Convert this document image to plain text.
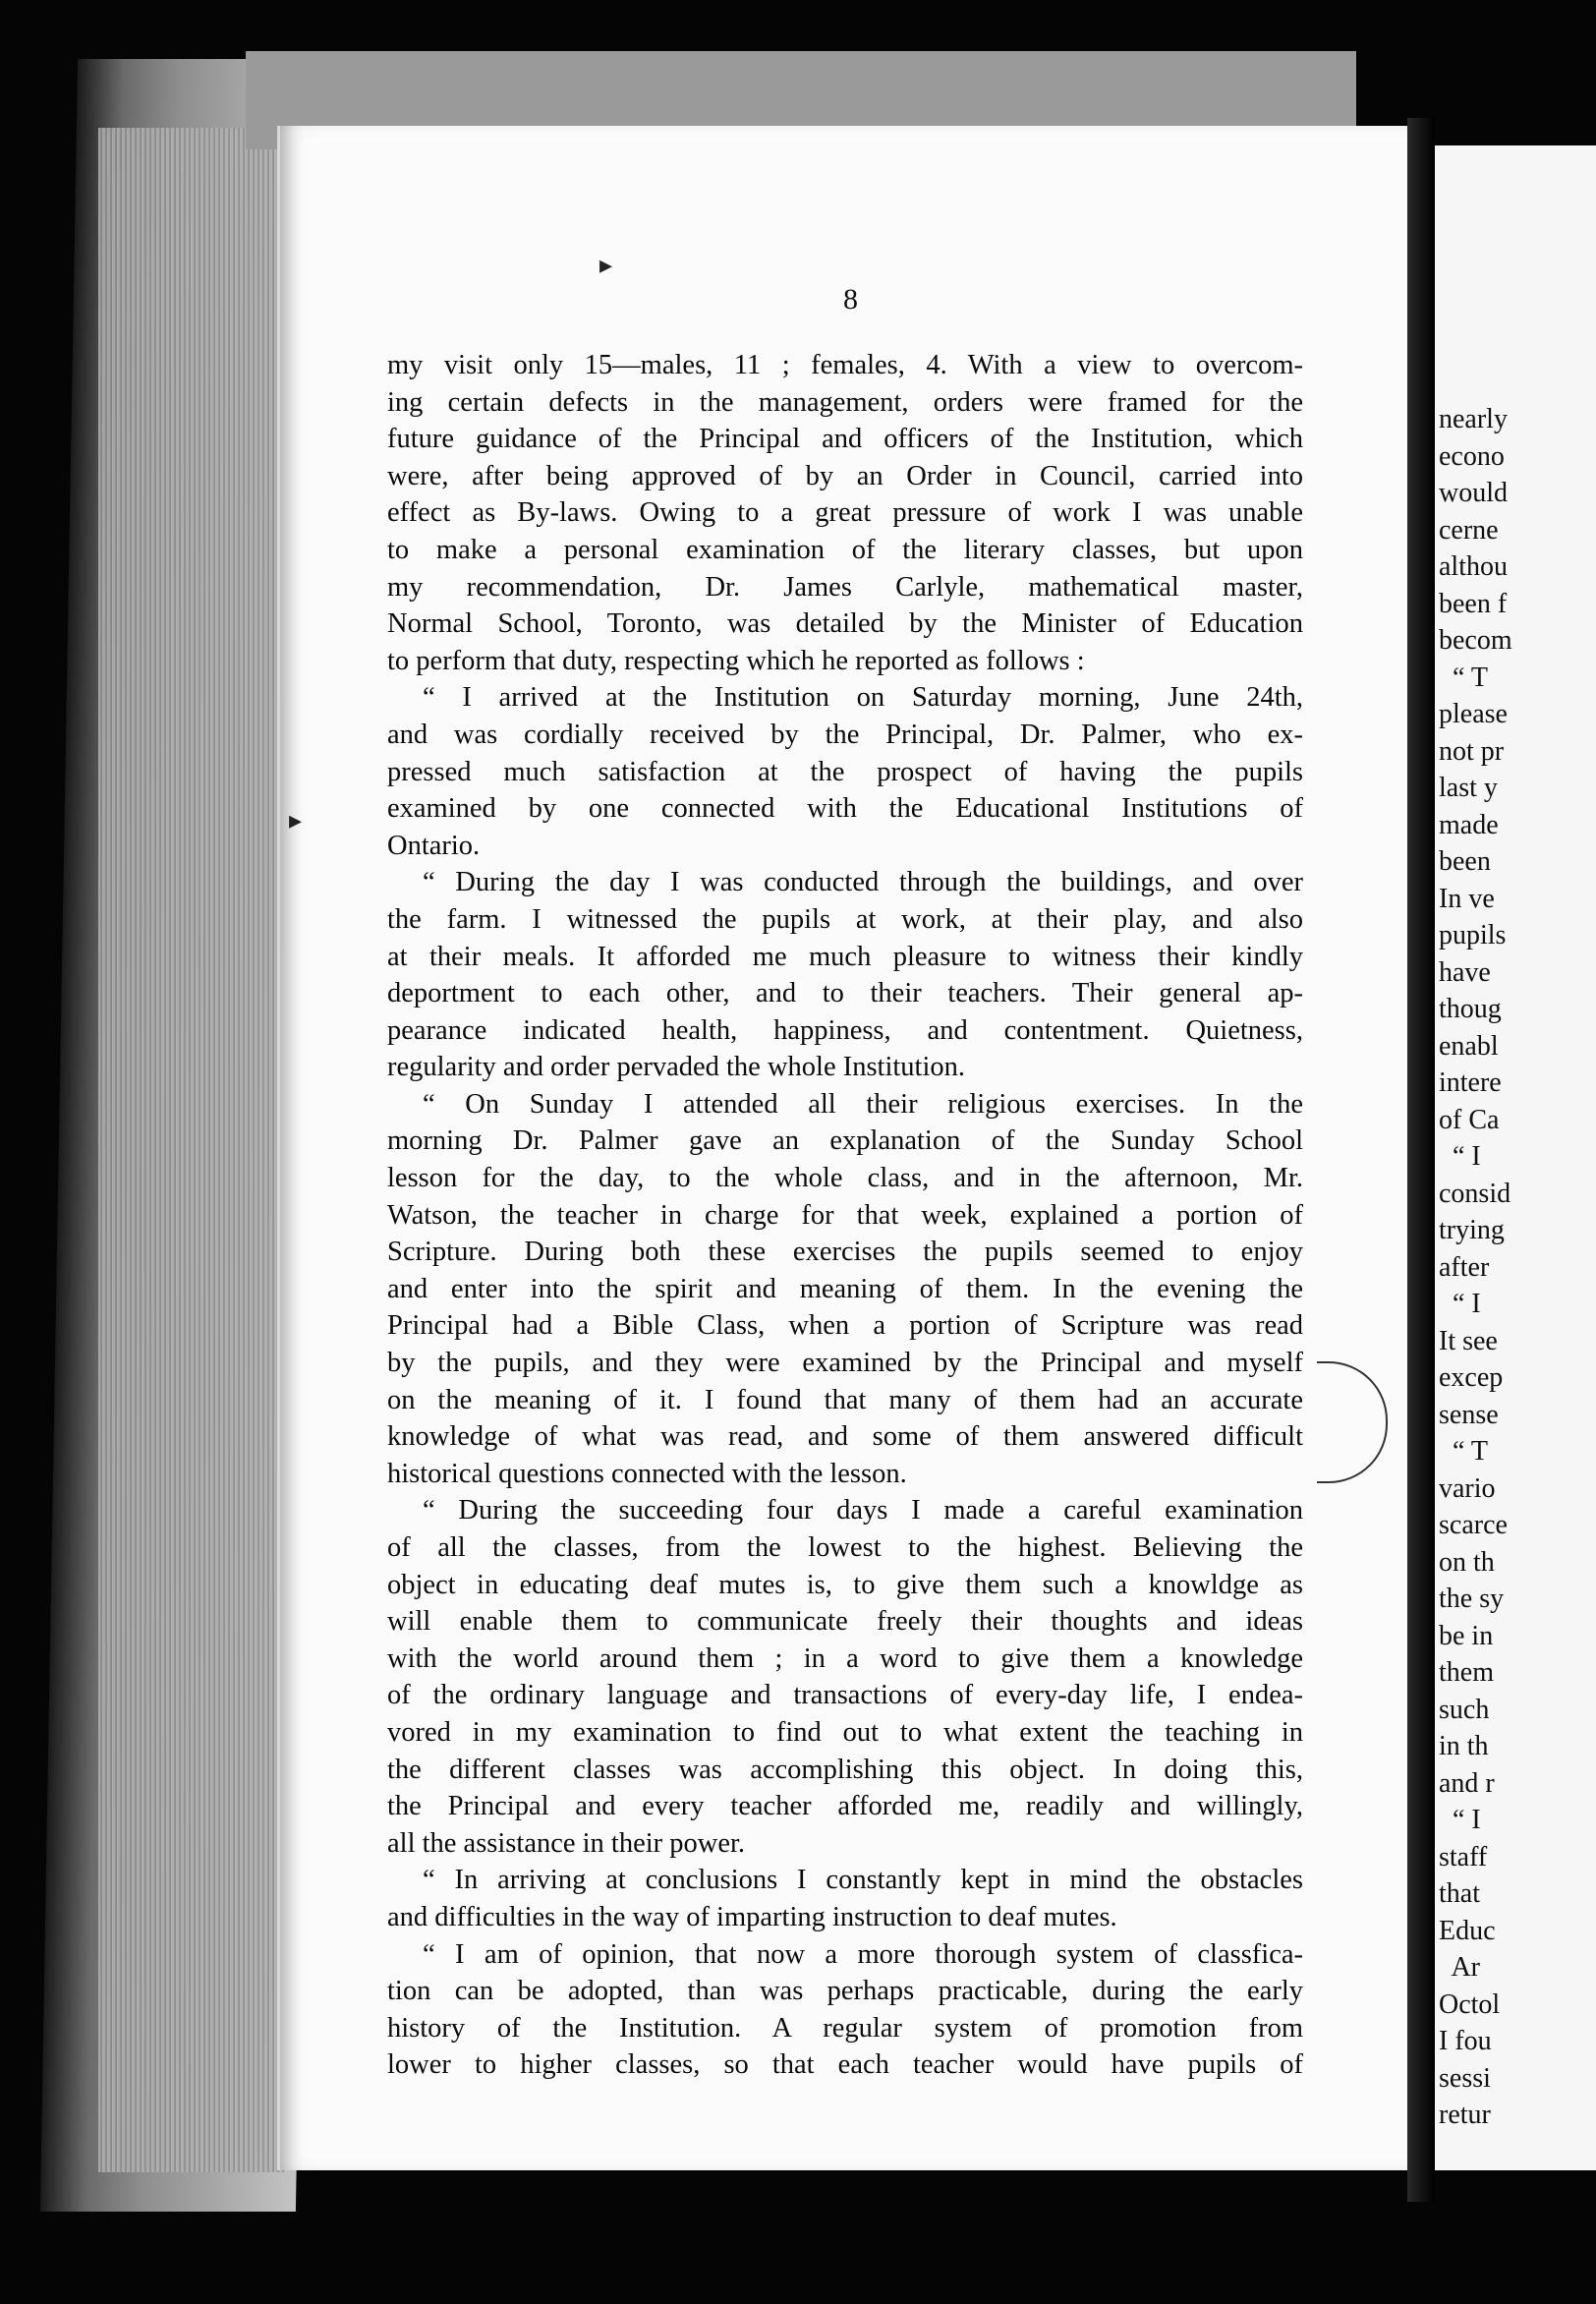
8
my visit only 15—males, 11 ; females, 4. With a view to overcom-
ing certain defects in the management, orders were framed for the
future guidance of the Principal and officers of the Institution, which
were, after being approved of by an Order in Council, carried into
effect as By-laws. Owing to a great pressure of work I was unable
to make a personal examination of the literary classes, but upon
my recommendation, Dr. James Carlyle, mathematical master,
Normal School, Toronto, was detailed by the Minister of Education
to perform that duty, respecting which he reported as follows :
“ I arrived at the Institution on Saturday morning, June 24th,
and was cordially received by the Principal, Dr. Palmer, who ex-
pressed much satisfaction at the prospect of having the pupils
examined by one connected with the Educational Institutions of
Ontario.
“ During the day I was conducted through the buildings, and over
the farm. I witnessed the pupils at work, at their play, and also
at their meals. It afforded me much pleasure to witness their kindly
deportment to each other, and to their teachers. Their general ap-
pearance indicated health, happiness, and contentment. Quietness,
regularity and order pervaded the whole Institution.
“ On Sunday I attended all their religious exercises. In the
morning Dr. Palmer gave an explanation of the Sunday School
lesson for the day, to the whole class, and in the afternoon, Mr.
Watson, the teacher in charge for that week, explained a portion of
Scripture. During both these exercises the pupils seemed to enjoy
and enter into the spirit and meaning of them. In the evening the
Principal had a Bible Class, when a portion of Scripture was read
by the pupils, and they were examined by the Principal and myself
on the meaning of it. I found that many of them had an accurate
knowledge of what was read, and some of them answered difficult
historical questions connected with the lesson.
“ During the succeeding four days I made a careful examination
of all the classes, from the lowest to the highest. Believing the
object in educating deaf mutes is, to give them such a knowldge as
will enable them to communicate freely their thoughts and ideas
with the world around them ; in a word to give them a knowledge
of the ordinary language and transactions of every-day life, I endea-
vored in my examination to find out to what extent the teaching in
the different classes was accomplishing this object. In doing this,
the Principal and every teacher afforded me, readily and willingly,
all the assistance in their power.
“ In arriving at conclusions I constantly kept in mind the obstacles
and difficulties in the way of imparting instruction to deaf mutes.
“ I am of opinion, that now a more thorough system of classfica-
tion can be adopted, than was perhaps practicable, during the early
history of the Institution. A regular system of promotion from
lower to higher classes, so that each teacher would have pupils of
▸
▸
nearly
econo
would
cerne
althou
been f
becom
“ T
please
not pr
last y
made
been
In ve
pupils
have
thoug
enabl
intere
of Ca
“ I
consid
trying
after
“ I
It see
excep
sense
“ T
vario
scarce
on th
the sy
be in
them
such
in th
and r
“ I
staff
that
Educ
Ar
Octol
I fou
sessi
retur
